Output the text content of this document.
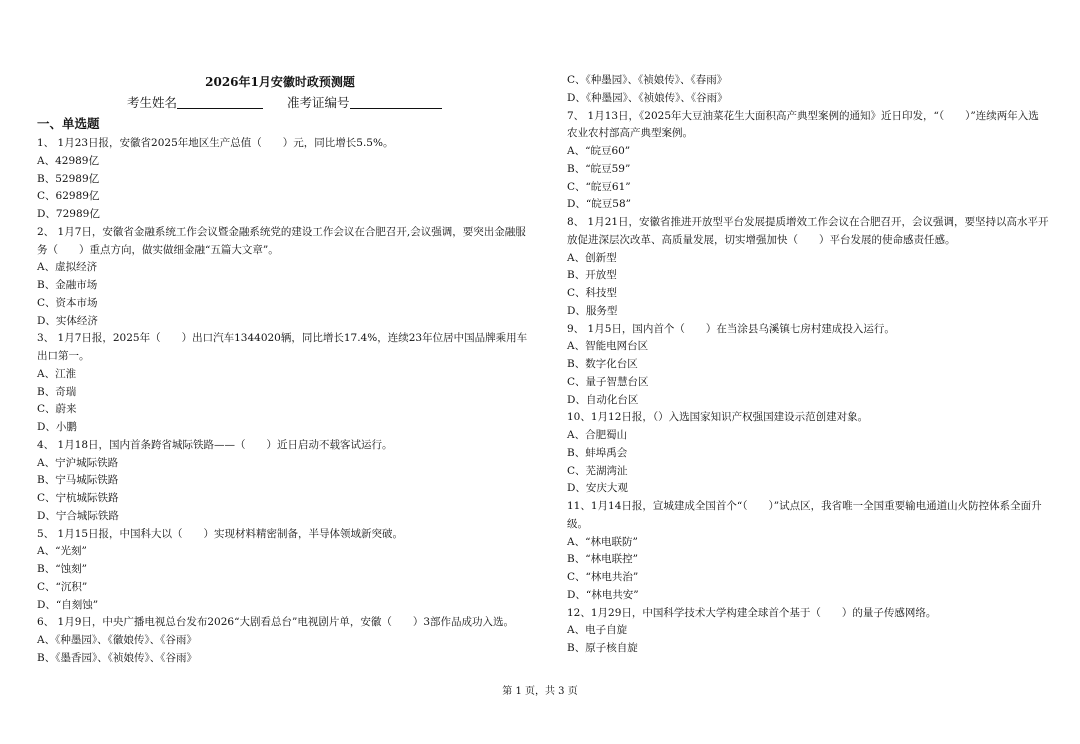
2026年1月安徽时政预测题
考生姓名	准考证编号
一、单选题
1、 1月23日报，安徽省2025年地区生产总值（　　）元，同比增长5.5%。
A、42989亿
B、52989亿
C、62989亿
D、72989亿
2、 1月7日，安徽省金融系统工作会议暨金融系统党的建设工作会议在合肥召开,会议强调，要突出金融服
务（　　）重点方向，做实做细金融“五篇大文章”。
A、虚拟经济
B、金融市场
C、资本市场
D、实体经济
3、 1月7日报，2025年（　　）出口汽车1344020辆，同比增长17.4%，连续23年位居中国品牌乘用车
出口第一。
A、江淮
B、奇瑞
C、蔚来
D、小鹏
4、 1月18日，国内首条跨省城际铁路——（　　）近日启动不载客试运行。
A、宁沪城际铁路
B、宁马城际铁路
C、宁杭城际铁路
D、宁合城际铁路
5、 1月15日报，中国科大以（　　）实现材料精密制备，半导体领域新突破。
A、“光刻”
B、“蚀刻”
C、“沉积”
D、“自刻蚀”
6、 1月9日，中央广播电视总台发布2026“大剧看总台”电视剧片单，安徽（　　）3部作品成功入选。
A、《种墨园》、《徽娘传》、《谷雨》
B、《墨香园》、《祯娘传》、《谷雨》
C、《种墨园》、《祯娘传》、《春雨》
D、《种墨园》、《祯娘传》、《谷雨》
7、 1月13日，《2025年大豆油菜花生大面积高产典型案例的通知》近日印发，“（　　）”连续两年入选
农业农村部高产典型案例。
A、“皖豆60”
B、“皖豆59”
C、“皖豆61”
D、“皖豆58”
8、 1月21日，安徽省推进开放型平台发展提质增效工作会议在合肥召开，会议强调，要坚持以高水平开
放促进深层次改革、高质量发展，切实增强加快（　　）平台发展的使命感责任感。
A、创新型
B、开放型
C、科技型
D、服务型
9、 1月5日，国内首个（　　）在当涂县乌溪镇七房村建成投入运行。
A、智能电网台区
B、数字化台区
C、量子智慧台区
D、自动化台区
10、1月12日报，（）入选国家知识产权强国建设示范创建对象。
A、合肥蜀山
B、蚌埠禹会
C、芜湖湾沚
D、安庆大观
11、1月14日报，宣城建成全国首个“（　　）”试点区，我省唯一全国重要输电通道山火防控体系全面升
级。
A、“林电联防”
B、“林电联控”
C、“林电共治”
D、“林电共安”
12、1月29日，中国科学技术大学构建全球首个基于（　　）的量子传感网络。
A、电子自旋
B、原子核自旋
第 1 页，共 3 页
